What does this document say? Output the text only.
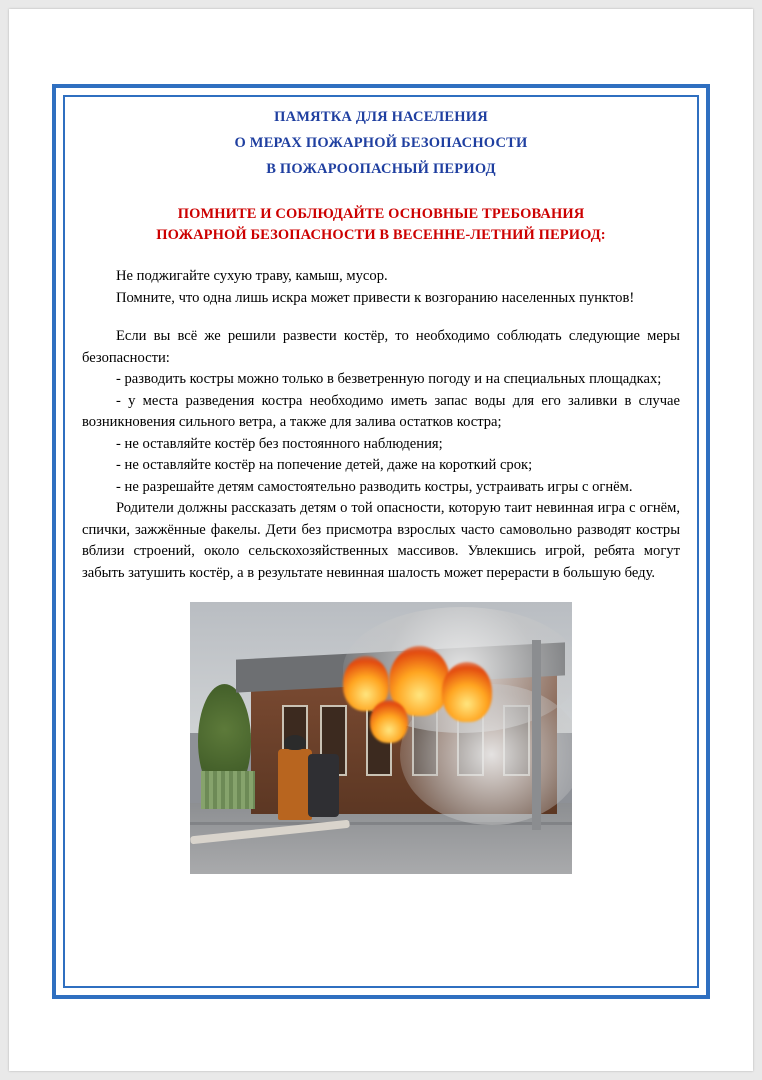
ПАМЯТКА ДЛЯ НАСЕЛЕНИЯ
О МЕРАХ ПОЖАРНОЙ БЕЗОПАСНОСТИ
В ПОЖАРООПАСНЫЙ ПЕРИОД
ПОМНИТЕ И СОБЛЮДАЙТЕ ОСНОВНЫЕ ТРЕБОВАНИЯ
ПОЖАРНОЙ БЕЗОПАСНОСТИ В ВЕСЕННЕ-ЛЕТНИЙ ПЕРИОД:

Не поджигайте сухую траву, камыш, мусор.

Помните, что одна лишь искра может привести к возгоранию населенных пунктов!

Если вы всё же решили развести костёр, то необходимо соблюдать следующие меры безопасности:

- разводить костры можно только в безветренную погоду и на специальных площадках;

- у места разведения костра необходимо иметь запас воды для его заливки в случае возникновения сильного ветра, а также для залива остатков костра;

- не оставляйте костёр без постоянного наблюдения;

- не оставляйте костёр на попечение детей, даже на короткий срок;

- не разрешайте детям самостоятельно разводить костры, устраивать игры с огнём.

Родители должны рассказать детям о той опасности, которую таит невинная игра с огнём, спички, зажжённые факелы. Дети без присмотра взрослых часто самовольно разводят костры вблизи строений, около сельскохозяйственных массивов. Увлекшись игрой, ребята могут забыть затушить костёр, а в результате невинная шалость может перерасти в большую беду.
